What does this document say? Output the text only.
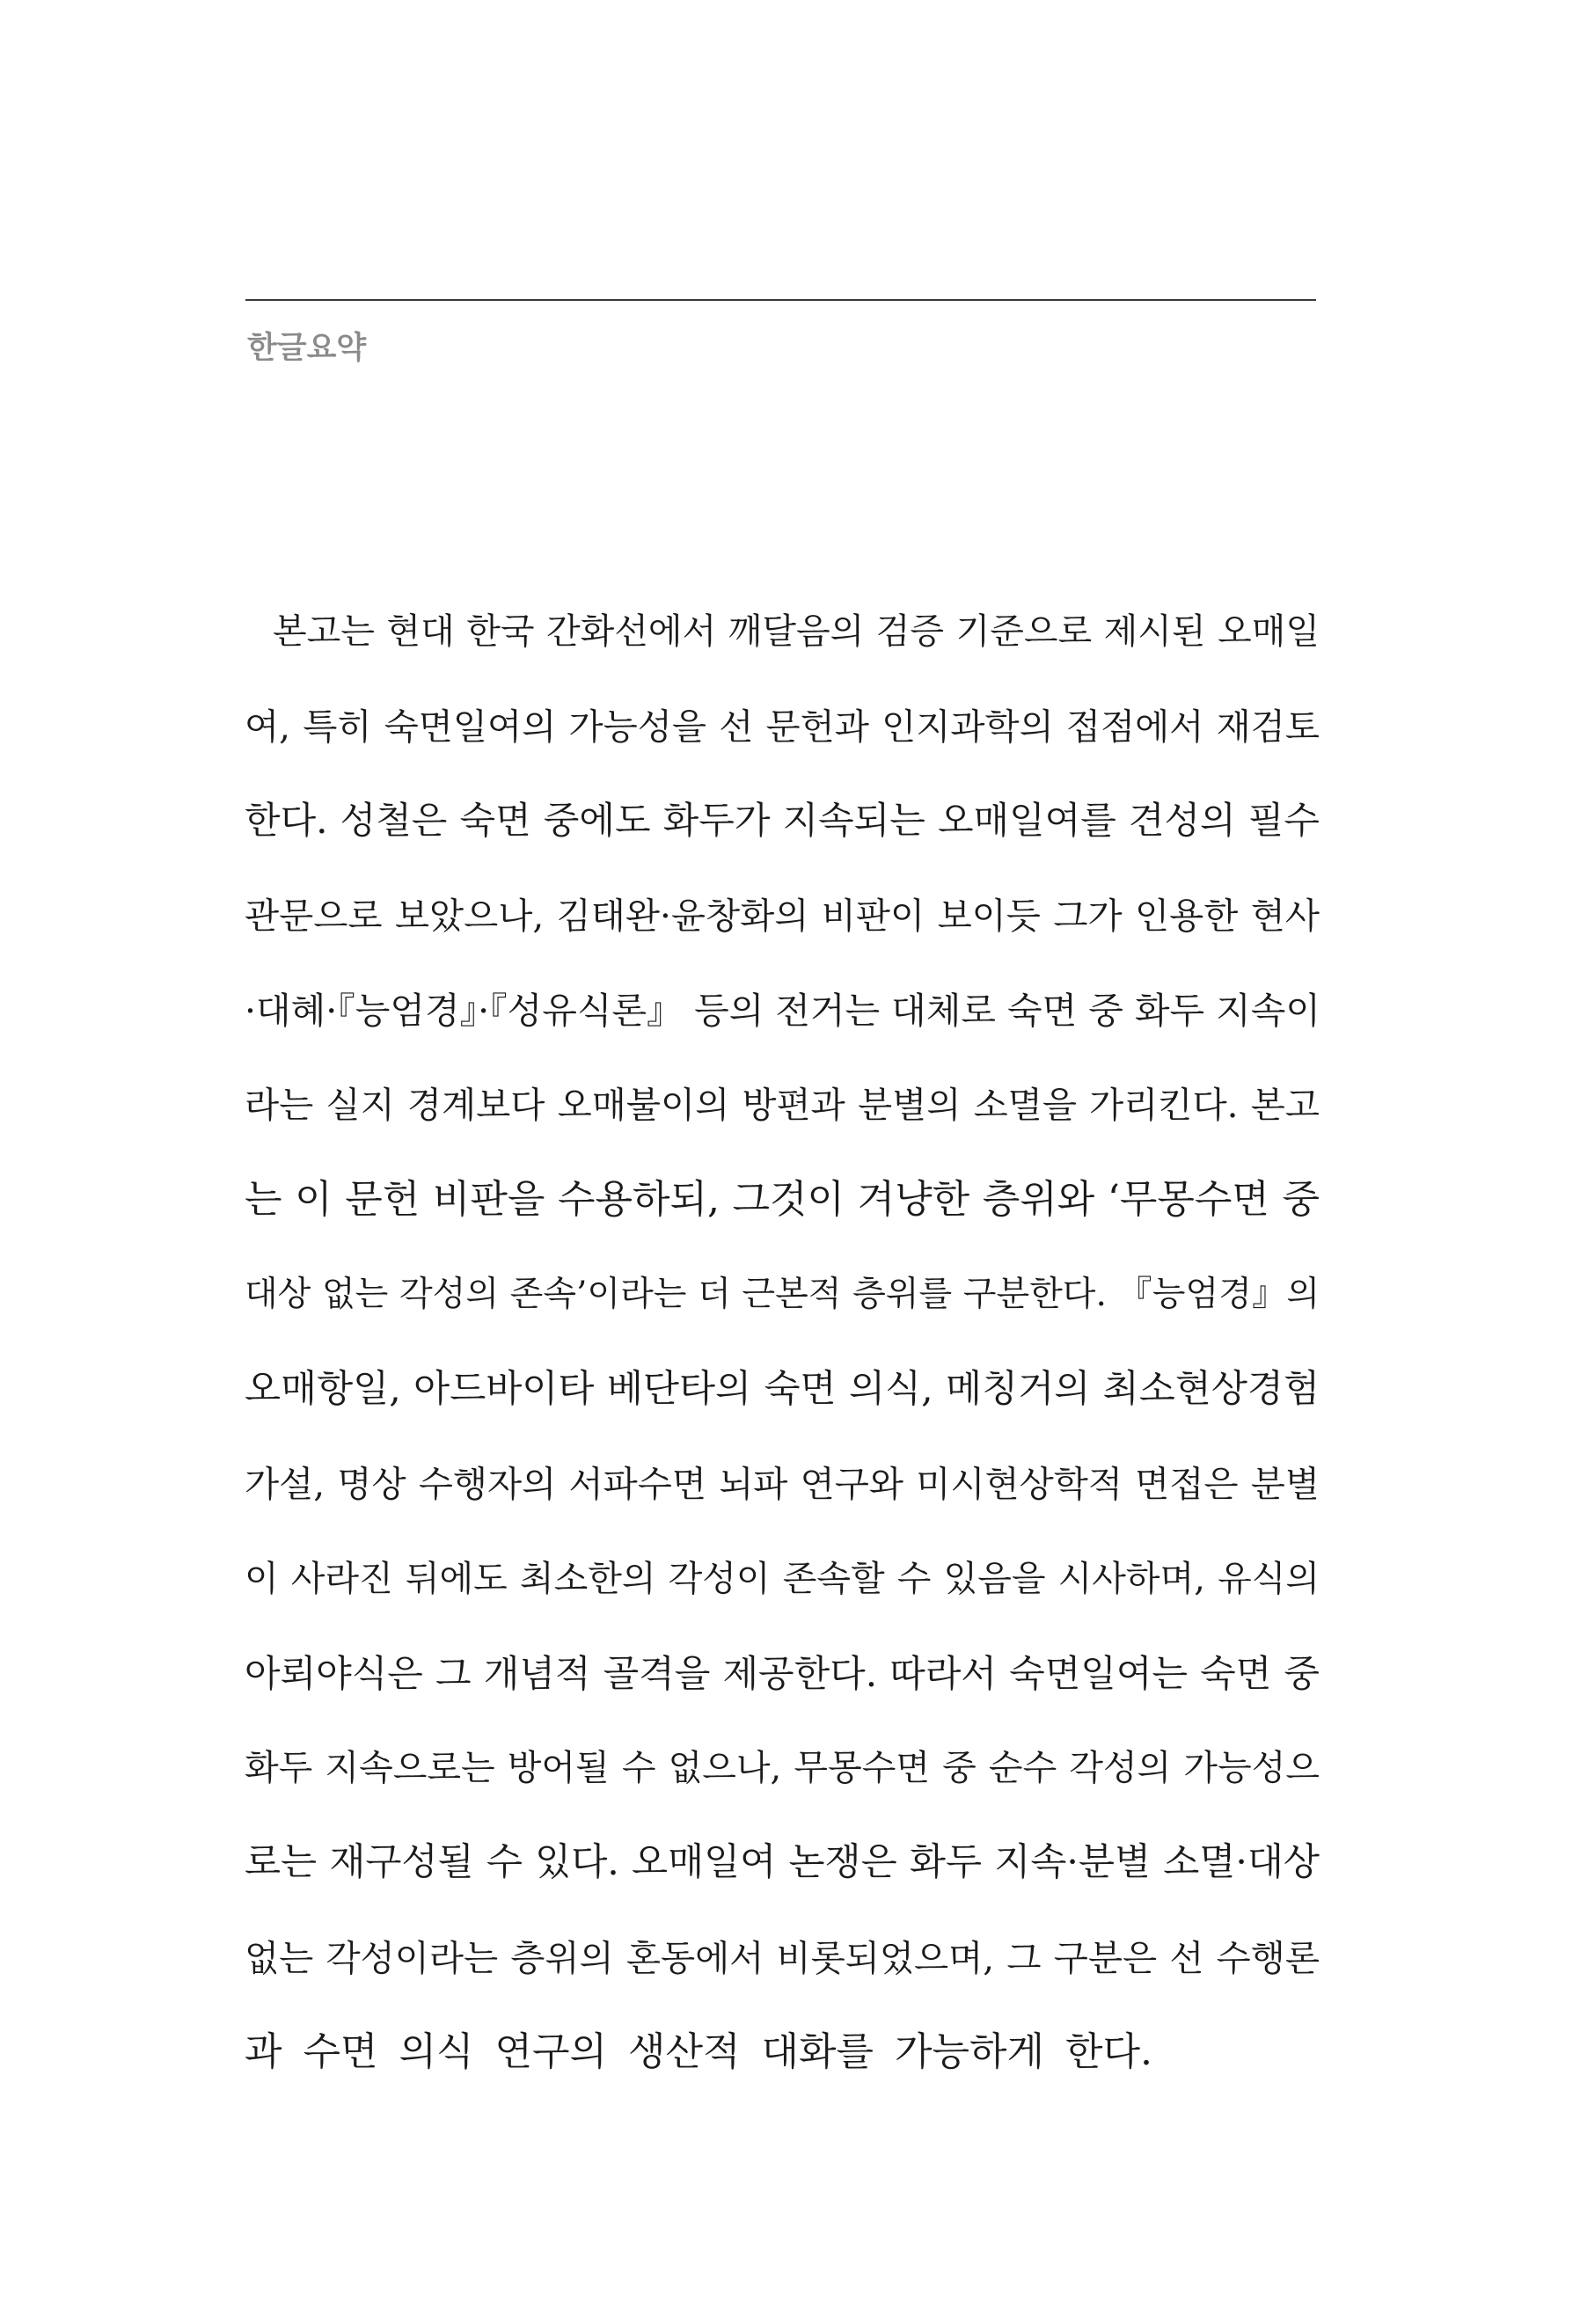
한글요약
본고는 현대 한국 간화선에서 깨달음의 검증 기준으로 제시된 오매일
여, 특히 숙면일여의 가능성을 선 문헌과 인지과학의 접점에서 재검토
한다. 성철은 숙면 중에도 화두가 지속되는 오매일여를 견성의 필수
관문으로 보았으나, 김태완·윤창화의 비판이 보이듯 그가 인용한 현사
·대혜·『능엄경』·『성유식론』 등의 전거는 대체로 숙면 중 화두 지속이
라는 실지 경계보다 오매불이의 방편과 분별의 소멸을 가리킨다. 본고
는 이 문헌 비판을 수용하되, 그것이 겨냥한 층위와 ‘무몽수면 중
대상 없는 각성의 존속’이라는 더 근본적 층위를 구분한다. 『능엄경』의
오매항일, 아드바이타 베단타의 숙면 의식, 메칭거의 최소현상경험
가설, 명상 수행자의 서파수면 뇌파 연구와 미시현상학적 면접은 분별
이 사라진 뒤에도 최소한의 각성이 존속할 수 있음을 시사하며, 유식의
아뢰야식은 그 개념적 골격을 제공한다. 따라서 숙면일여는 숙면 중
화두 지속으로는 방어될 수 없으나, 무몽수면 중 순수 각성의 가능성으
로는 재구성될 수 있다. 오매일여 논쟁은 화두 지속·분별 소멸·대상
없는 각성이라는 층위의 혼동에서 비롯되었으며, 그 구분은 선 수행론
과 수면 의식 연구의 생산적 대화를 가능하게 한다.
